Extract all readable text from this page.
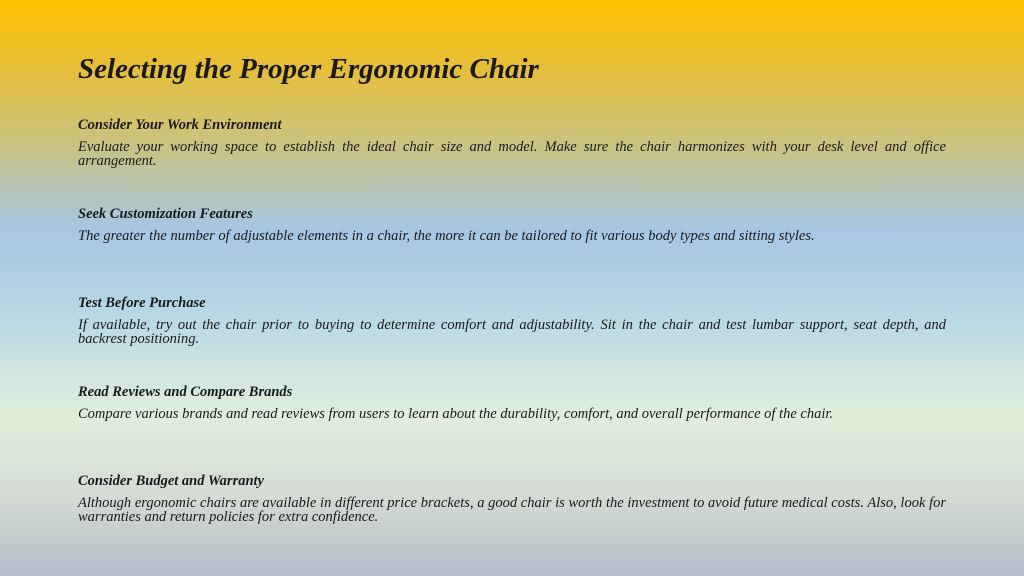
Selecting the Proper Ergonomic Chair
Consider Your Work Environment

Evaluate your working space to establish the ideal chair size and model. Make sure the chair harmonizes with your desk level and office arrangement.

Seek Customization Features

The greater the number of adjustable elements in a chair, the more it can be tailored to fit various body types and sitting styles.

Test Before Purchase

If available, try out the chair prior to buying to determine comfort and adjustability. Sit in the chair and test lumbar support, seat depth, and backrest positioning.

Read Reviews and Compare Brands

Compare various brands and read reviews from users to learn about the durability, comfort, and overall performance of the chair.

Consider Budget and Warranty

Although ergonomic chairs are available in different price brackets, a good chair is worth the investment to avoid future medical costs. Also, look for warranties and return policies for extra confidence.
